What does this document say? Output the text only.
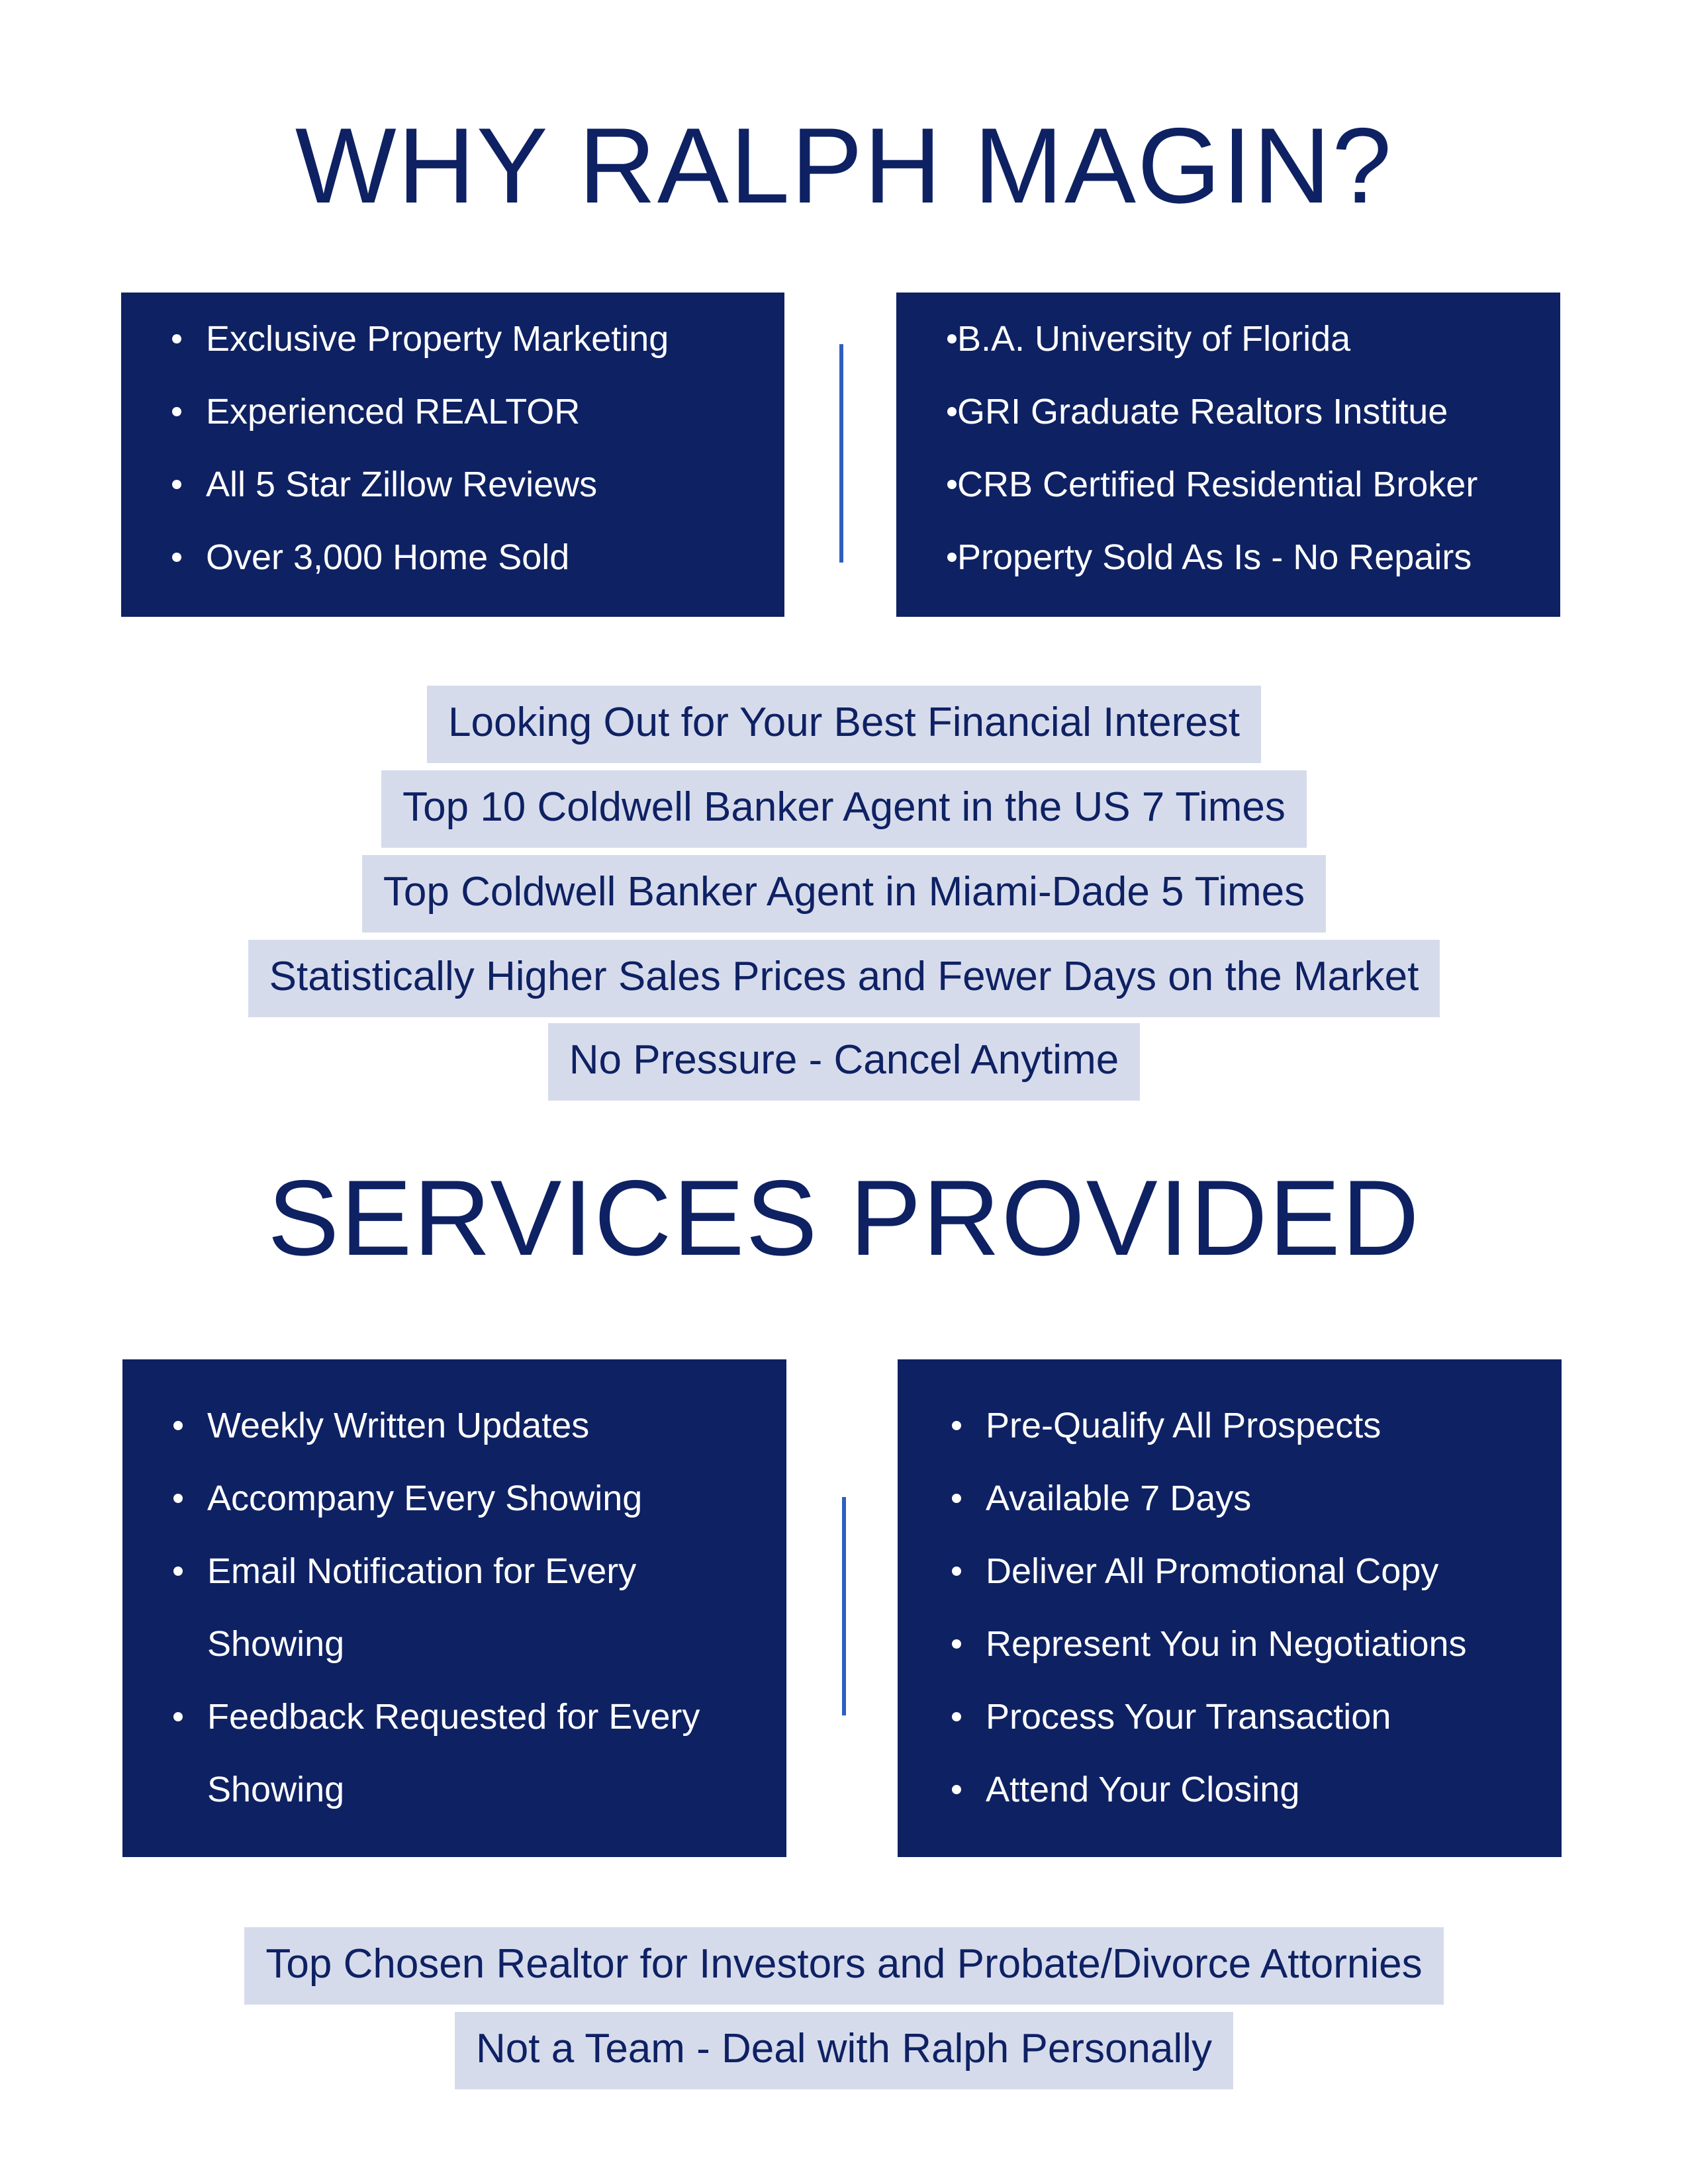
WHY RALPH MAGIN?
Exclusive Property Marketing
Experienced REALTOR
All 5 Star Zillow Reviews
Over 3,000 Home Sold
B.A. University of Florida
GRI Graduate Realtors Institue
CRB Certified Residential Broker
Property Sold As Is - No Repairs
Looking Out for Your Best Financial Interest
Top 10 Coldwell Banker Agent in the US 7 Times
Top Coldwell Banker Agent in Miami-Dade 5 Times
Statistically Higher Sales Prices and Fewer Days on the Market
No Pressure - Cancel Anytime
SERVICES PROVIDED
Weekly Written Updates
Accompany Every Showing
Email Notification for Every Showing
Feedback Requested for Every Showing
Pre-Qualify All Prospects
Available 7 Days
Deliver All Promotional Copy
Represent You in Negotiations
Process Your Transaction
Attend Your Closing
Top Chosen Realtor for Investors and Probate/Divorce Attornies
Not a Team - Deal with Ralph Personally
